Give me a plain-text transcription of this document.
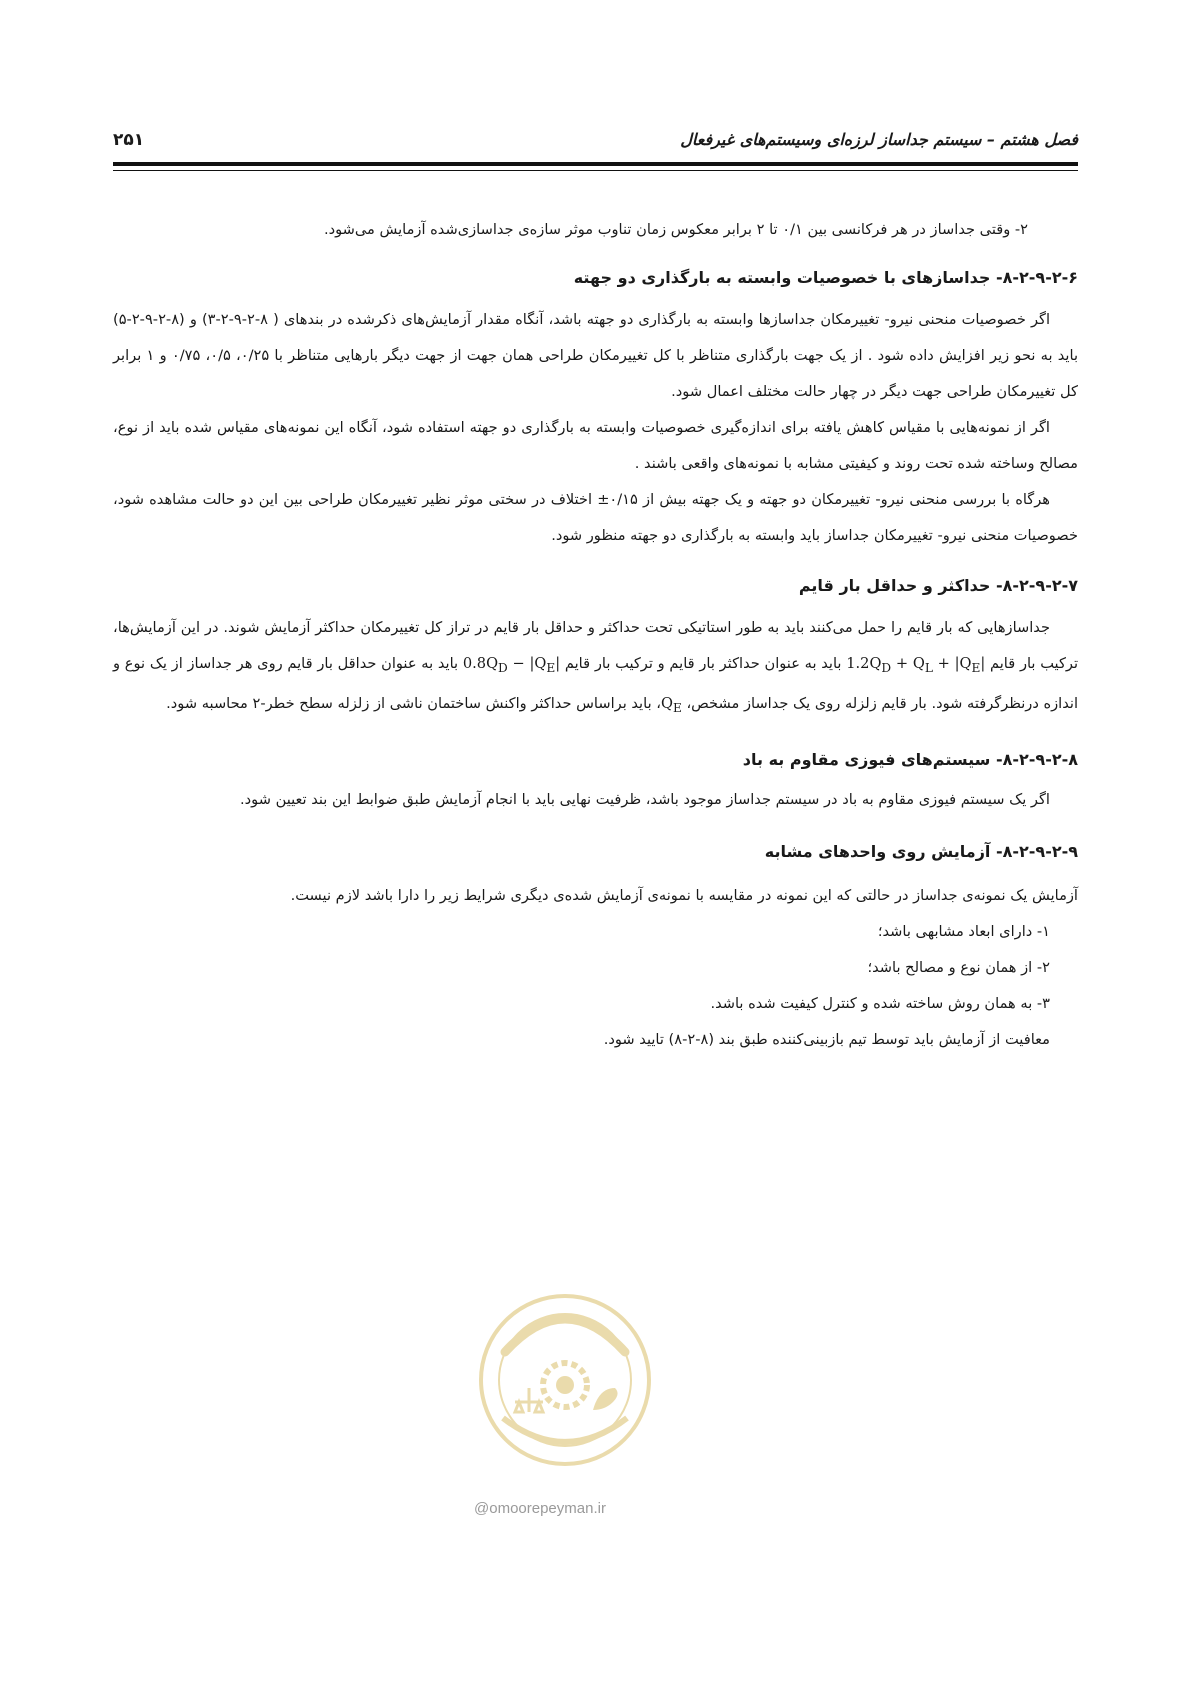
فصل هشتم – سیستم جداساز لرزه‌ای وسیستم‌های غیرفعال
۲۵۱

۲- وقتی جداساز در هر فرکانسی بین ۰/۱ تا ۲ برابر معکوس زمان تناوب موثر سازه‌ی جداسازی‌شده آزمایش می‌شود.

۸-۲-۹-۲-۶- جداسازهای با خصوصیات وابسته به بارگذاری دو جهته

اگر خصوصیات منحنی نیرو- تغییرمکان جداسازها وابسته به بارگذاری دو جهته باشد، آنگاه مقدار آزمایش‌های ذکرشده در بندهای ( ۸-۲-۹-۲-۳) و (۸-۲-۹-۲-۵) باید به نحو زیر افزایش داده شود . از یک جهت بارگذاری متناظر با کل تغییرمکان طراحی همان جهت از جهت دیگر بارهایی متناظر با ۰/۲۵، ۰/۵، ۰/۷۵ و ۱ برابر کل تغییرمکان طراحی جهت دیگر در چهار حالت مختلف اعمال شود.

اگر از نمونه‌هایی با مقیاس کاهش یافته برای اندازه‌گیری خصوصیات وابسته به بارگذاری دو جهته استفاده شود، آنگاه این نمونه‌های مقیاس شده باید از نوع، مصالح وساخته شده تحت روند و کیفیتی مشابه با نمونه‌های واقعی باشند .

هرگاه با بررسی منحنی نیرو- تغییرمکان دو جهته و یک جهته بیش از ‎±۰/۱۵ اختلاف در سختی موثر نظیر تغییرمکان طراحی بین این دو حالت مشاهده شود، خصوصیات منحنی نیرو- تغییرمکان جداساز باید وابسته به بارگذاری دو جهته منظور شود.

۸-۲-۹-۲-۷- حداکثر و حداقل بار قایم

جداسازهایی که بار قایم را حمل می‌کنند باید به طور استاتیکی تحت حداکثر و حداقل بار قایم در تراز کل تغییرمکان حداکثر آزمایش شوند. در این آزمایش‌ها، ترکیب بار قایم $1.2Q_D + Q_L + |Q_E|$ باید به عنوان حداکثر بار قایم و ترکیب بار قایم $0.8Q_D - |Q_E|$ باید به عنوان حداقل بار قایم روی هر جداساز از یک نوع و اندازه درنظرگرفته شود. بار قایم زلزله روی یک جداساز مشخص، $Q_E،$ باید براساس حداکثر واکنش ساختمان ناشی از زلزله سطح خطر-۲ محاسبه شود.

۸-۲-۹-۲-۸- سیستم‌های فیوزی مقاوم به باد

اگر یک سیستم فیوزی مقاوم به باد در سیستم جداساز موجود باشد، ظرفیت نهایی باید با انجام آزمایش طبق ضوابط این بند تعیین شود.

۸-۲-۹-۲-۹- آزمایش روی واحدهای مشابه

آزمایش یک نمونه‌ی جداساز در حالتی که این نمونه در مقایسه با نمونه‌ی آزمایش شده‌ی دیگری شرایط زیر را دارا باشد لازم نیست.

۱- دارای ابعاد مشابهی باشد؛

۲- از همان نوع و مصالح باشد؛

۳- به همان روش ساخته شده و کنترل کیفیت شده باشد.

معافیت از آزمایش باید توسط تیم بازبینی‌کننده طبق بند (۸-۲-۸) تایید شود.

@omoorepeyman.ir
